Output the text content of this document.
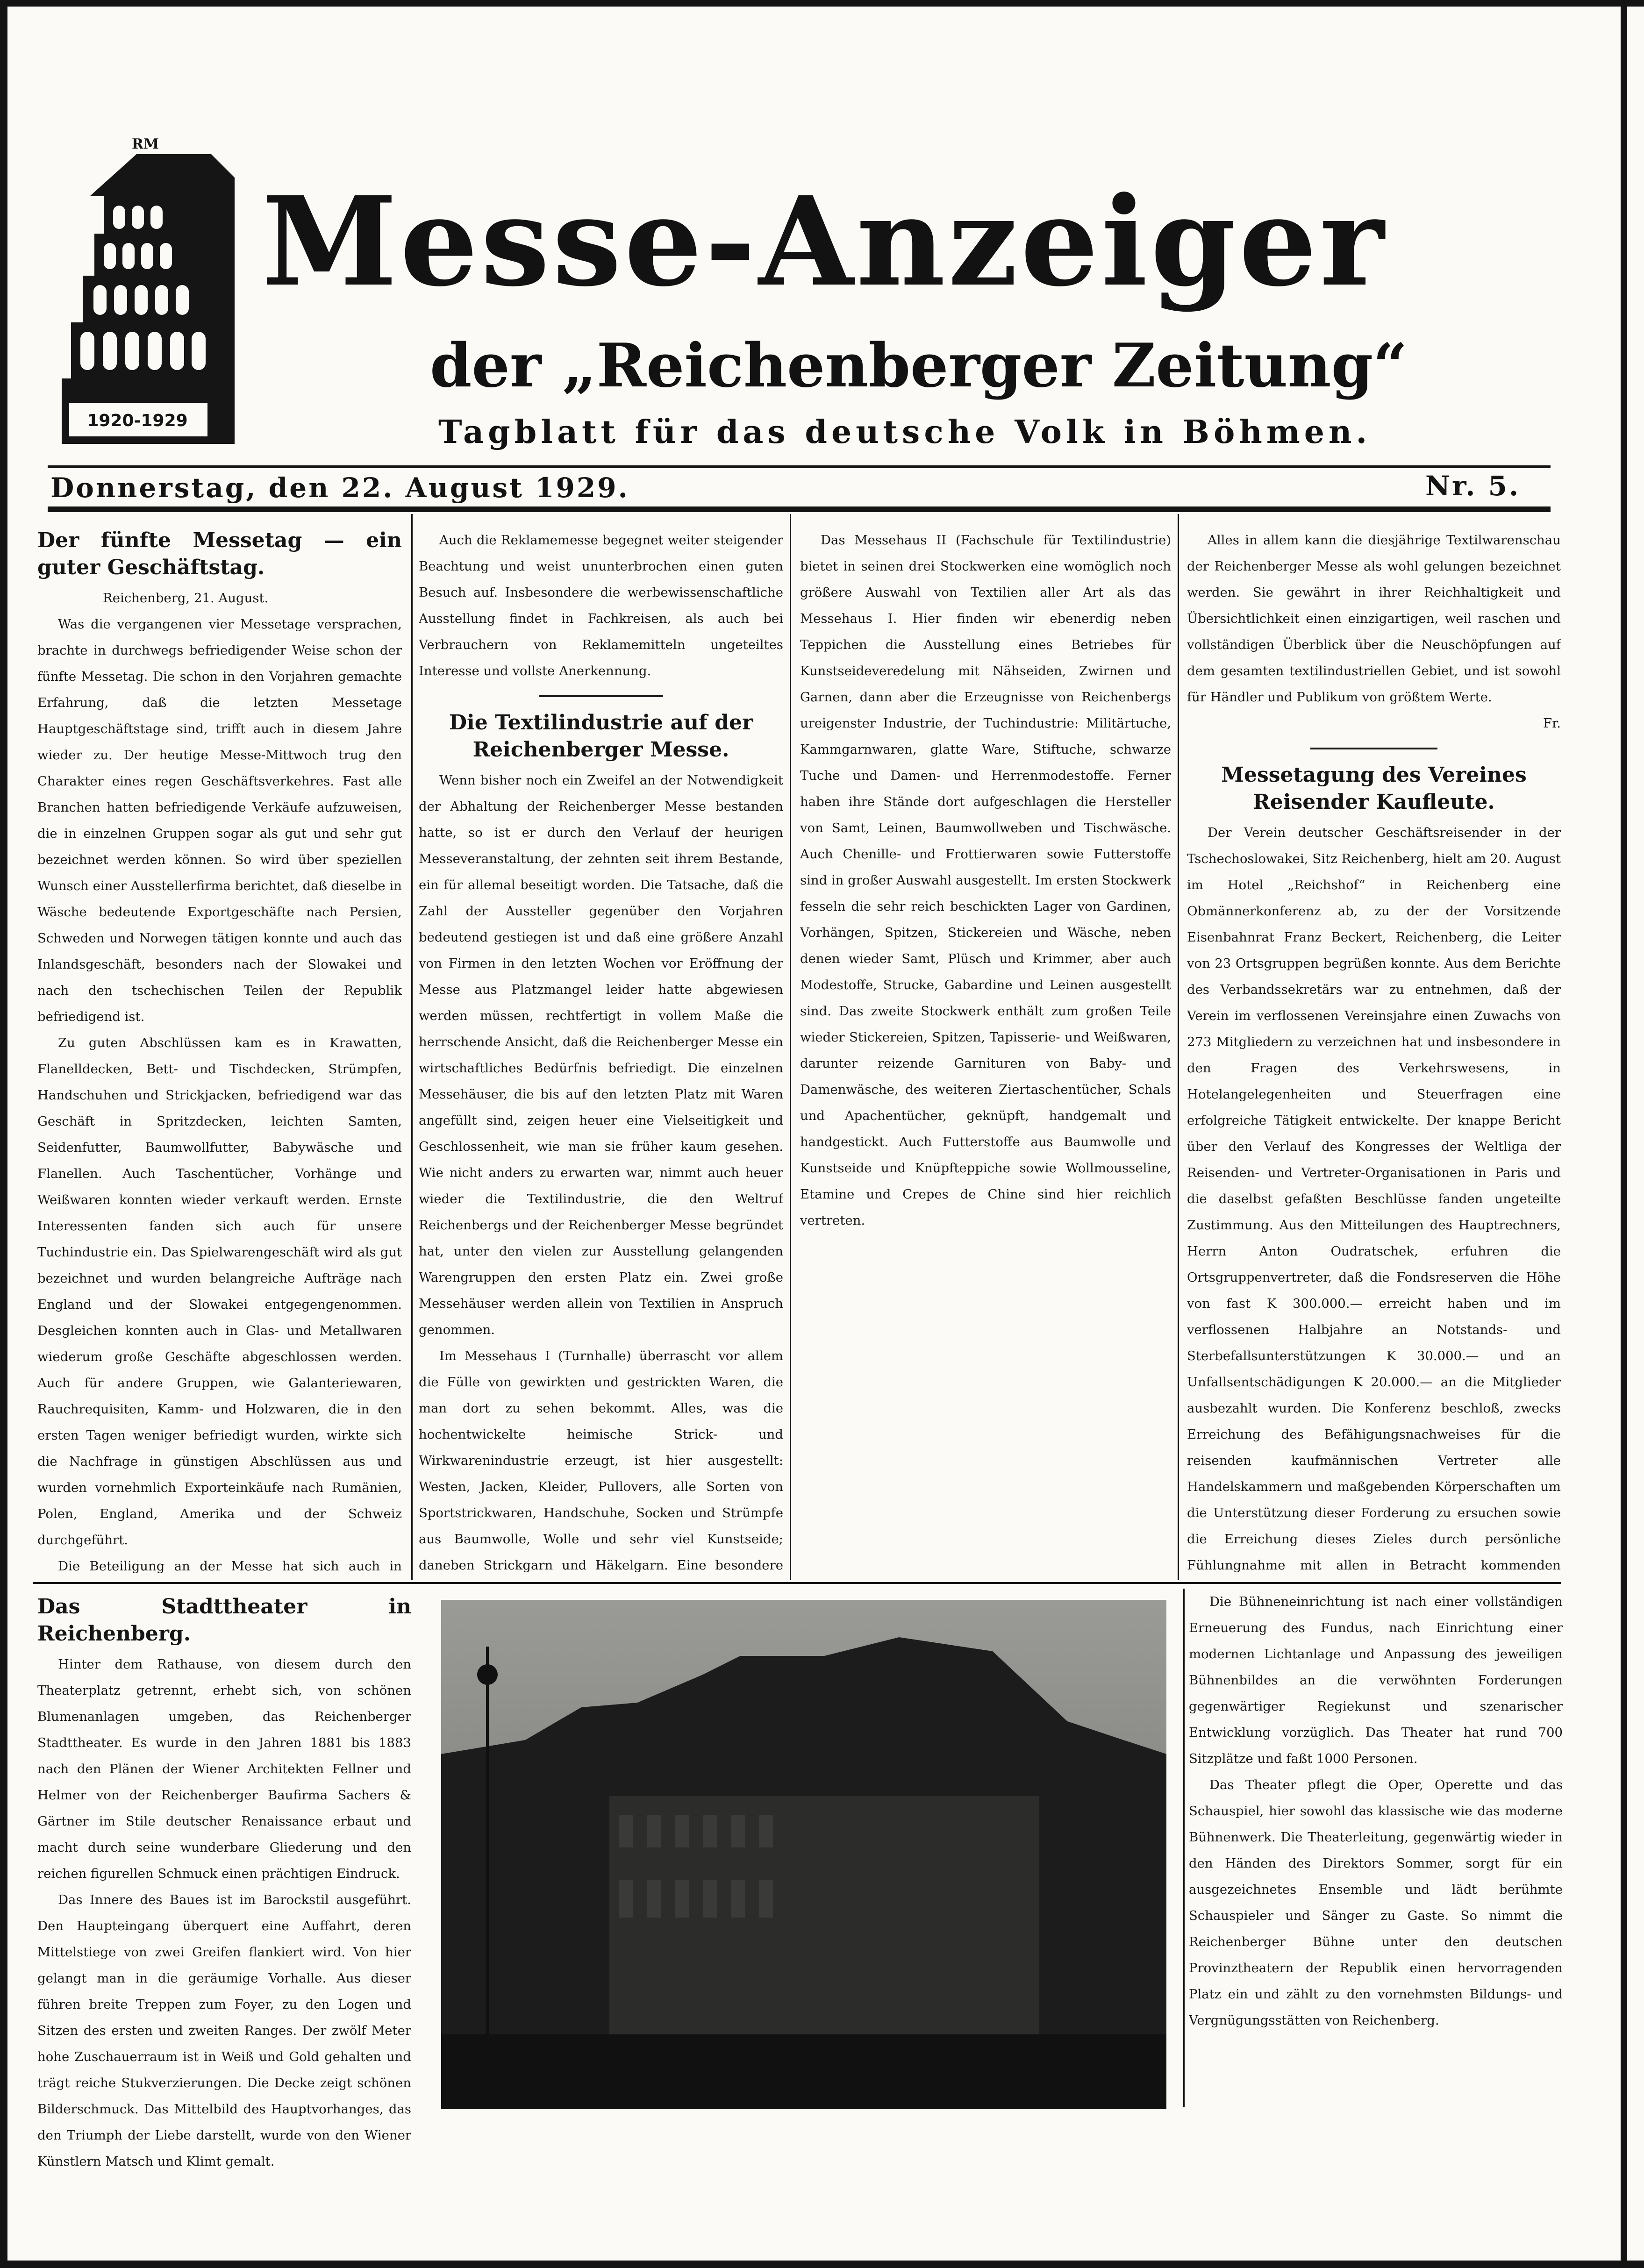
RM
1920-1929
Messe-Anzeiger
der „Reichenberger Zeitung“
Tagblatt für das deutsche Volk in Böhmen.
Donnerstag, den 22. August 1929.	Nr. 5.
Der fünfte Messetag — ein guter Geschäftstag.

Reichenberg, 21. August.

Was die vergangenen vier Messetage versprachen, brachte in durchwegs befriedigender Weise schon der fünfte Messetag. Die schon in den Vorjahren gemachte Erfahrung, daß die letzten Messetage Hauptgeschäftstage sind, trifft auch in diesem Jahre wieder zu. Der heutige Messe-Mittwoch trug den Charakter eines regen Geschäftsverkehres. Fast alle Branchen hatten befriedigende Verkäufe aufzuweisen, die in einzelnen Gruppen sogar als gut und sehr gut bezeichnet werden können. So wird über speziellen Wunsch einer Ausstellerfirma berichtet, daß dieselbe in Wäsche bedeutende Exportgeschäfte nach Persien, Schweden und Norwegen tätigen konnte und auch das Inlandsgeschäft, besonders nach der Slowakei und nach den tschechischen Teilen der Republik befriedigend ist.

Zu guten Abschlüssen kam es in Krawatten, Flanelldecken, Bett- und Tischdecken, Strümpfen, Handschuhen und Strickjacken, befriedigend war das Geschäft in Spritzdecken, leichten Samten, Seidenfutter, Baumwollfutter, Babywäsche und Flanellen. Auch Taschentücher, Vorhänge und Weißwaren konnten wieder verkauft werden. Ernste Interessenten fanden sich auch für unsere Tuchindustrie ein. Das Spielwarengeschäft wird als gut bezeichnet und wurden belangreiche Aufträge nach England und der Slowakei entgegengenommen. Desgleichen konnten auch in Glas- und Metallwaren wiederum große Geschäfte abgeschlossen werden. Auch für andere Gruppen, wie Galanteriewaren, Rauchrequisiten, Kamm- und Holzwaren, die in den ersten Tagen weniger befriedigt wurden, wirkte sich die Nachfrage in günstigen Abschlüssen aus und wurden vornehmlich Exporteinkäufe nach Rumänien, Polen, England, Amerika und der Schweiz durchgeführt.

Die Beteiligung an der Messe hat sich auch in

Auch die Reklamemesse begegnet weiter steigender Beachtung und weist ununterbrochen einen guten Besuch auf. Insbesondere die werbewissenschaftliche Ausstellung findet in Fachkreisen, als auch bei Verbrauchern von Reklamemitteln ungeteiltes Interesse und vollste Anerkennung.

Die Textilindustrie auf der Reichenberger Messe.

Wenn bisher noch ein Zweifel an der Notwendigkeit der Abhaltung der Reichenberger Messe bestanden hatte, so ist er durch den Verlauf der heurigen Messeveranstaltung, der zehnten seit ihrem Bestande, ein für allemal beseitigt worden. Die Tatsache, daß die Zahl der Aussteller gegenüber den Vorjahren bedeutend gestiegen ist und daß eine größere Anzahl von Firmen in den letzten Wochen vor Eröffnung der Messe aus Platzmangel leider hatte abgewiesen werden müssen, rechtfertigt in vollem Maße die herrschende Ansicht, daß die Reichenberger Messe ein wirtschaftliches Bedürfnis befriedigt. Die einzelnen Messehäuser, die bis auf den letzten Platz mit Waren angefüllt sind, zeigen heuer eine Vielseitigkeit und Geschlossenheit, wie man sie früher kaum gesehen. Wie nicht anders zu erwarten war, nimmt auch heuer wieder die Textilindustrie, die den Weltruf Reichenbergs und der Reichenberger Messe begründet hat, unter den vielen zur Ausstellung gelangenden Warengruppen den ersten Platz ein. Zwei große Messehäuser werden allein von Textilien in Anspruch genommen.

Im Messehaus I (Turnhalle) überrascht vor allem die Fülle von gewirkten und gestrickten Waren, die man dort zu sehen bekommt. Alles, was die hochentwickelte heimische Strick- und Wirkwarenindustrie erzeugt, ist hier ausgestellt: Westen, Jacken, Kleider, Pullovers, alle Sorten von Sportstrickwaren, Handschuhe, Socken und Strümpfe aus Baumwolle, Wolle und sehr viel Kunstseide; daneben Strickgarn und Häkelgarn. Eine besondere

Das Messehaus II (Fachschule für Textilindustrie) bietet in seinen drei Stockwerken eine womöglich noch größere Auswahl von Textilien aller Art als das Messehaus I. Hier finden wir ebenerdig neben Teppichen die Ausstellung eines Betriebes für Kunstseideveredelung mit Nähseiden, Zwirnen und Garnen, dann aber die Erzeugnisse von Reichenbergs ureigenster Industrie, der Tuchindustrie: Militärtuche, Kammgarnwaren, glatte Ware, Stiftuche, schwarze Tuche und Damen- und Herrenmodestoffe. Ferner haben ihre Stände dort aufgeschlagen die Hersteller von Samt, Leinen, Baumwollweben und Tischwäsche. Auch Chenille- und Frottierwaren sowie Futterstoffe sind in großer Auswahl ausgestellt. Im ersten Stockwerk fesseln die sehr reich beschickten Lager von Gardinen, Vorhängen, Spitzen, Stickereien und Wäsche, neben denen wieder Samt, Plüsch und Krimmer, aber auch Modestoffe, Strucke, Gabardine und Leinen ausgestellt sind. Das zweite Stockwerk enthält zum großen Teile wieder Stickereien, Spitzen, Tapisserie- und Weißwaren, darunter reizende Garnituren von Baby- und Damenwäsche, des weiteren Ziertaschentücher, Schals und Apachentücher, geknüpft, handgemalt und handgestickt. Auch Futterstoffe aus Baumwolle und Kunstseide und Knüpfteppiche sowie Wollmousseline, Etamine und Crepes de Chine sind hier reichlich vertreten.

Alles in allem kann die diesjährige Textilwarenschau der Reichenberger Messe als wohl gelungen bezeichnet werden. Sie gewährt in ihrer Reichhaltigkeit und Übersichtlichkeit einen einzigartigen, weil raschen und vollständigen Überblick über die Neuschöpfungen auf dem gesamten textilindustriellen Gebiet, und ist sowohl für Händler und Publikum von größtem Werte.

Fr.

Messetagung des Vereines Reisender Kaufleute.

Der Verein deutscher Geschäftsreisender in der Tschechoslowakei, Sitz Reichenberg, hielt am 20. August im Hotel „Reichshof“ in Reichenberg eine Obmännerkonferenz ab, zu der der Vorsitzende Eisenbahnrat Franz Beckert, Reichenberg, die Leiter von 23 Ortsgruppen begrüßen konnte. Aus dem Berichte des Verbandssekretärs war zu entnehmen, daß der Verein im verflossenen Vereinsjahre einen Zuwachs von 273 Mitgliedern zu verzeichnen hat und insbesondere in den Fragen des Verkehrswesens, in Hotelangelegenheiten und Steuerfragen eine erfolgreiche Tätigkeit entwickelte. Der knappe Bericht über den Verlauf des Kongresses der Weltliga der Reisenden- und Vertreter-Organisationen in Paris und die daselbst gefaßten Beschlüsse fanden ungeteilte Zustimmung. Aus den Mitteilungen des Hauptrechners, Herrn Anton Oudratschek, erfuhren die Ortsgruppenvertreter, daß die Fondsreserven die Höhe von fast K 300.000.— erreicht haben und im verflossenen Halbjahre an Notstands- und Sterbefallsunterstützungen K 30.000.— und an Unfallsentschädigungen K 20.000.— an die Mitglieder ausbezahlt wurden. Die Konferenz beschloß, zwecks Erreichung des Befähigungsnachweises für die reisenden kaufmännischen Vertreter alle Handelskammern und maßgebenden Körperschaften um die Unterstützung dieser Forderung zu ersuchen sowie die Erreichung dieses Zieles durch persönliche Fühlungnahme mit allen in Betracht kommenden

Das Stadttheater in Reichenberg.

Hinter dem Rathause, von diesem durch den Theaterplatz getrennt, erhebt sich, von schönen Blumenanlagen umgeben, das Reichenberger Stadttheater. Es wurde in den Jahren 1881 bis 1883 nach den Plänen der Wiener Architekten Fellner und Helmer von der Reichenberger Baufirma Sachers & Gärtner im Stile deutscher Renaissance erbaut und macht durch seine wunderbare Gliederung und den reichen figurellen Schmuck einen prächtigen Eindruck.

Das Innere des Baues ist im Barockstil ausgeführt. Den Haupteingang überquert eine Auffahrt, deren Mittelstiege von zwei Greifen flankiert wird. Von hier gelangt man in die geräumige Vorhalle. Aus dieser führen breite Treppen zum Foyer, zu den Logen und Sitzen des ersten und zweiten Ranges. Der zwölf Meter hohe Zuschauerraum ist in Weiß und Gold gehalten und trägt reiche Stukverzierungen. Die Decke zeigt schönen Bilderschmuck. Das Mittelbild des Hauptvorhanges, das den Triumph der Liebe darstellt, wurde von den Wiener Künstlern Matsch und Klimt gemalt.

Die Bühneneinrichtung ist nach einer vollständigen Erneuerung des Fundus, nach Einrichtung einer modernen Lichtanlage und Anpassung des jeweiligen Bühnenbildes an die verwöhnten Forderungen gegenwärtiger Regiekunst und szenarischer Entwicklung vorzüglich. Das Theater hat rund 700 Sitzplätze und faßt 1000 Personen.

Das Theater pflegt die Oper, Operette und das Schauspiel, hier sowohl das klassische wie das moderne Bühnenwerk. Die Theaterleitung, gegenwärtig wieder in den Händen des Direktors Sommer, sorgt für ein ausgezeichnetes Ensemble und lädt berühmte Schauspieler und Sänger zu Gaste. So nimmt die Reichenberger Bühne unter den deutschen Provinztheatern der Republik einen hervorragenden Platz ein und zählt zu den vornehmsten Bildungs- und Vergnügungsstätten von Reichenberg.
